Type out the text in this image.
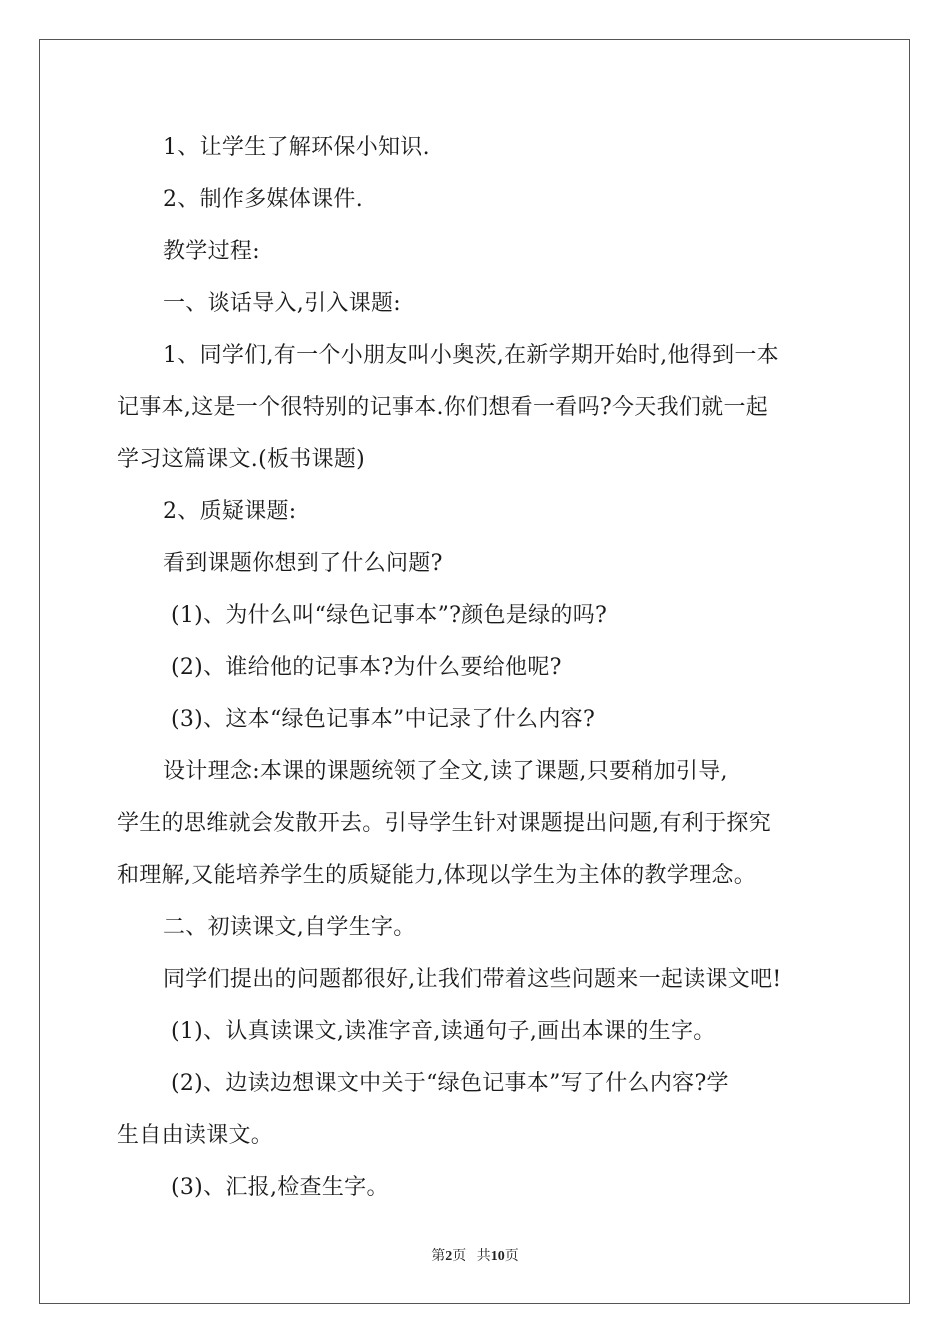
1、让学生了解环保小知识.
2、制作多媒体课件.
教学过程:
一、谈话导入,引入课题:
1、同学们,有一个小朋友叫小奥茨,在新学期开始时,他得到一本
记事本,这是一个很特别的记事本.你们想看一看吗?今天我们就一起
学习这篇课文.(板书课题)
2、质疑课题:
看到课题你想到了什么问题?
(1)、为什么叫“绿色记事本”?颜色是绿的吗?
(2)、谁给他的记事本?为什么要给他呢?
(3)、这本“绿色记事本”中记录了什么内容?
设计理念:本课的课题统领了全文,读了课题,只要稍加引导,
学生的思维就会发散开去。引导学生针对课题提出问题,有利于探究
和理解,又能培养学生的质疑能力,体现以学生为主体的教学理念。
二、初读课文,自学生字。
同学们提出的问题都很好,让我们带着这些问题来一起读课文吧!
(1)、认真读课文,读准字音,读通句子,画出本课的生字。
(2)、边读边想课文中关于“绿色记事本”写了什么内容?学
生自由读课文。
(3)、汇报,检查生字。
第2页 共10页
